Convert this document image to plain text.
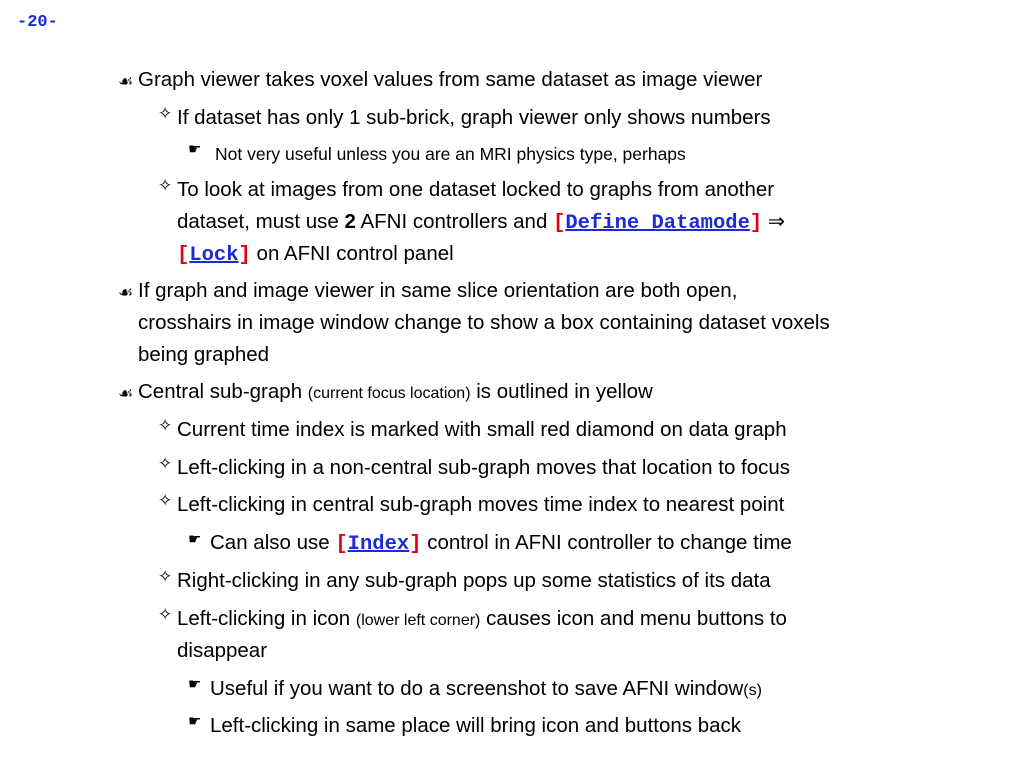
-20-
☙ Graph viewer takes voxel values from same dataset as image viewer
✧ If dataset has only 1 sub-brick, graph viewer only shows numbers
☛ Not very useful unless you are an MRI physics type, perhaps
✧ To look at images from one dataset locked to graphs from another
dataset, must use 2 AFNI controllers and [Define Datamode] ⇒
[Lock] on AFNI control panel
☙ If graph and image viewer in same slice orientation are both open,
crosshairs in image window change to show a box containing dataset voxels
being graphed
☙ Central sub-graph (current focus location) is outlined in yellow
✧ Current time index is marked with small red diamond on data graph
✧ Left-clicking in a non-central sub-graph moves that location to focus
✧ Left-clicking in central sub-graph moves time index to nearest point
☛ Can also use [Index] control in AFNI controller to change time
✧ Right-clicking in any sub-graph pops up some statistics of its data
✧ Left-clicking in icon (lower left corner) causes icon and menu buttons to
disappear
☛ Useful if you want to do a screenshot to save AFNI window(s)
☛ Left-clicking in same place will bring icon and buttons back
